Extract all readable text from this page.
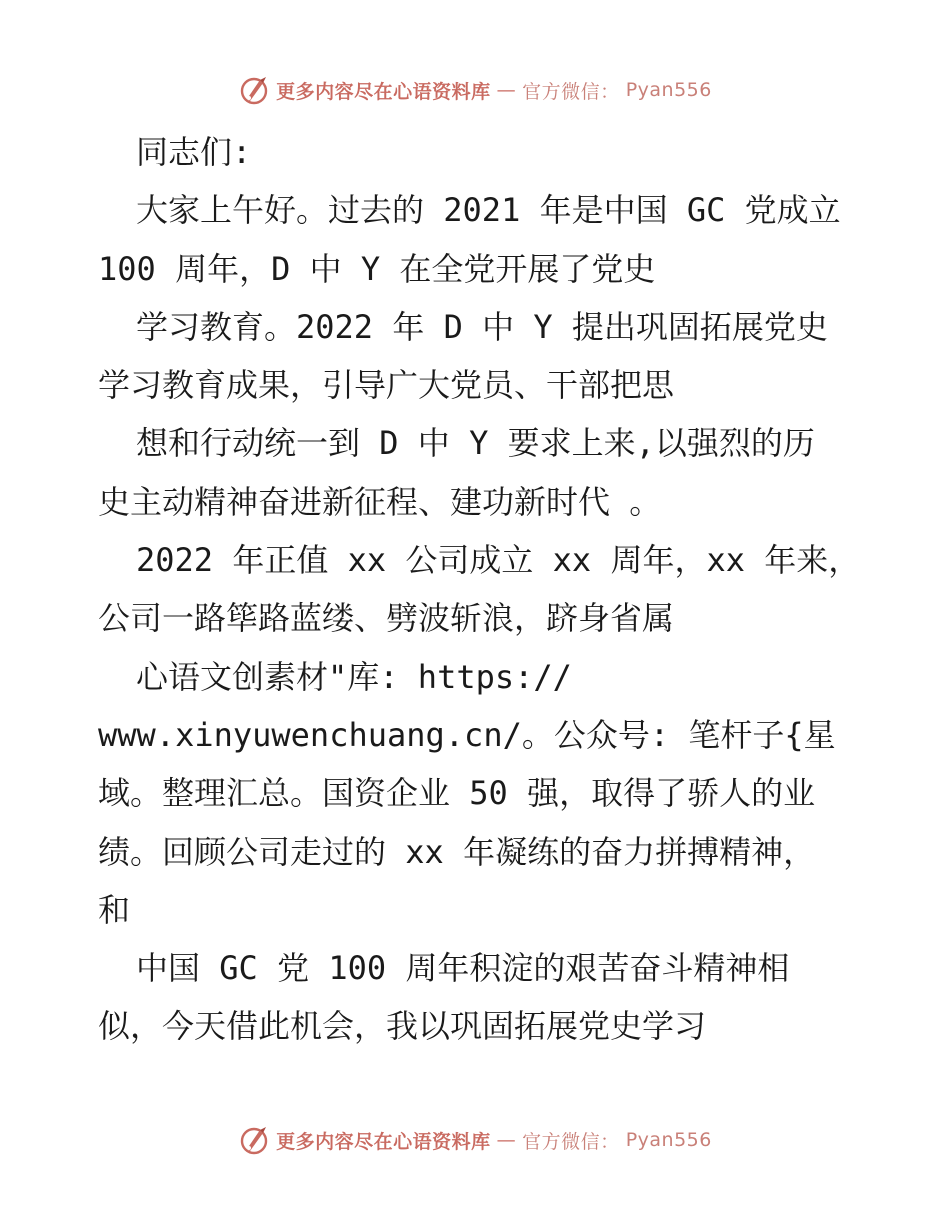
更多内容尽在心语资料库 — 官方微信： Pyan556

同志们:

大家上午好。过去的 2021 年是中国 GC 党成立

100 周年，D 中 Y 在全党开展了党史

学习教育。2022 年 D 中 Y 提出巩固拓展党史

学习教育成果，引导广大党员、干部把思

想和行动统一到 D 中 Y 要求上来,以强烈的历

史主动精神奋进新征程、建功新时代 。

2022 年正值 xx 公司成立 xx 周年，xx 年来，

公司一路筚路蓝缕、劈波斩浪，跻身省属

心语文创素材"库: https://

www.xinyuwenchuang.cn/。公众号: 笔杆子{星

域。整理汇总。国资企业 50 强，取得了骄人的业

绩。回顾公司走过的 xx 年凝练的奋力拼搏精神，

和

中国 GC 党 100 周年积淀的艰苦奋斗精神相

似，今天借此机会，我以巩固拓展党史学习

更多内容尽在心语资料库 — 官方微信： Pyan556
